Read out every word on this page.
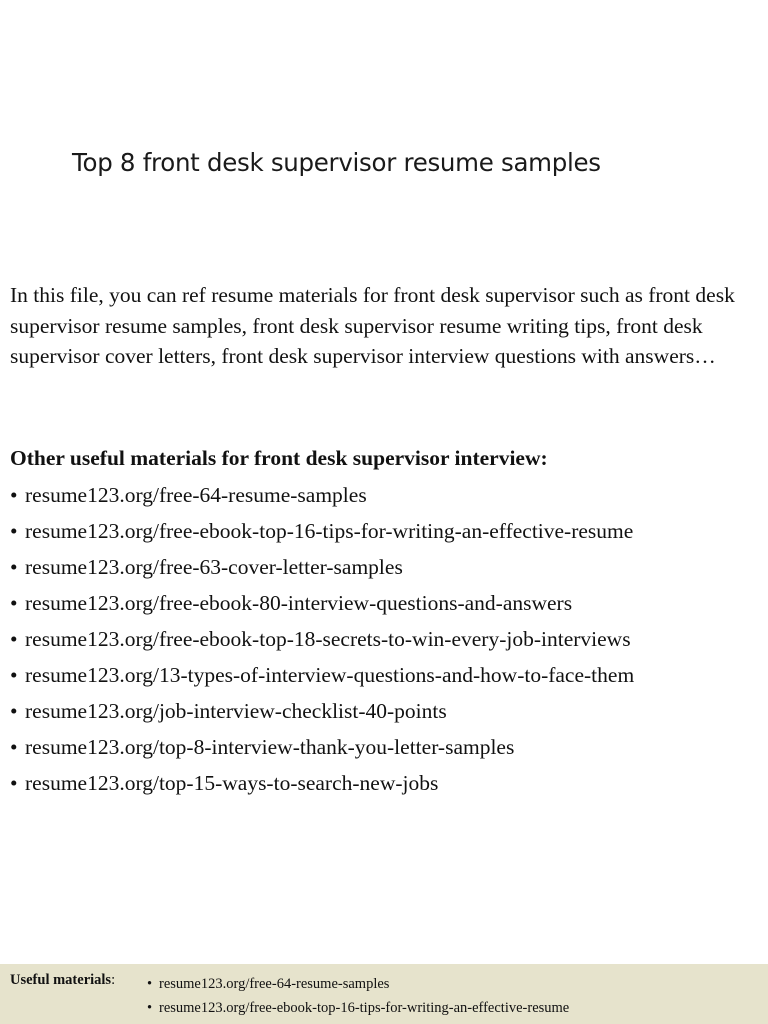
Top 8 front desk supervisor resume samples

In this file, you can ref resume materials for front desk supervisor such as front desk supervisor resume samples, front desk supervisor resume writing tips, front desk supervisor cover letters, front desk supervisor interview questions with answers…

Other useful materials for front desk supervisor interview:
• resume123.org/free-64-resume-samples
• resume123.org/free-ebook-top-16-tips-for-writing-an-effective-resume
• resume123.org/free-63-cover-letter-samples
• resume123.org/free-ebook-80-interview-questions-and-answers
• resume123.org/free-ebook-top-18-secrets-to-win-every-job-interviews
• resume123.org/13-types-of-interview-questions-and-how-to-face-them
• resume123.org/job-interview-checklist-40-points
• resume123.org/top-8-interview-thank-you-letter-samples
• resume123.org/top-15-ways-to-search-new-jobs
Useful materials: • resume123.org/free-64-resume-samples
• resume123.org/free-ebook-top-16-tips-for-writing-an-effective-resume
